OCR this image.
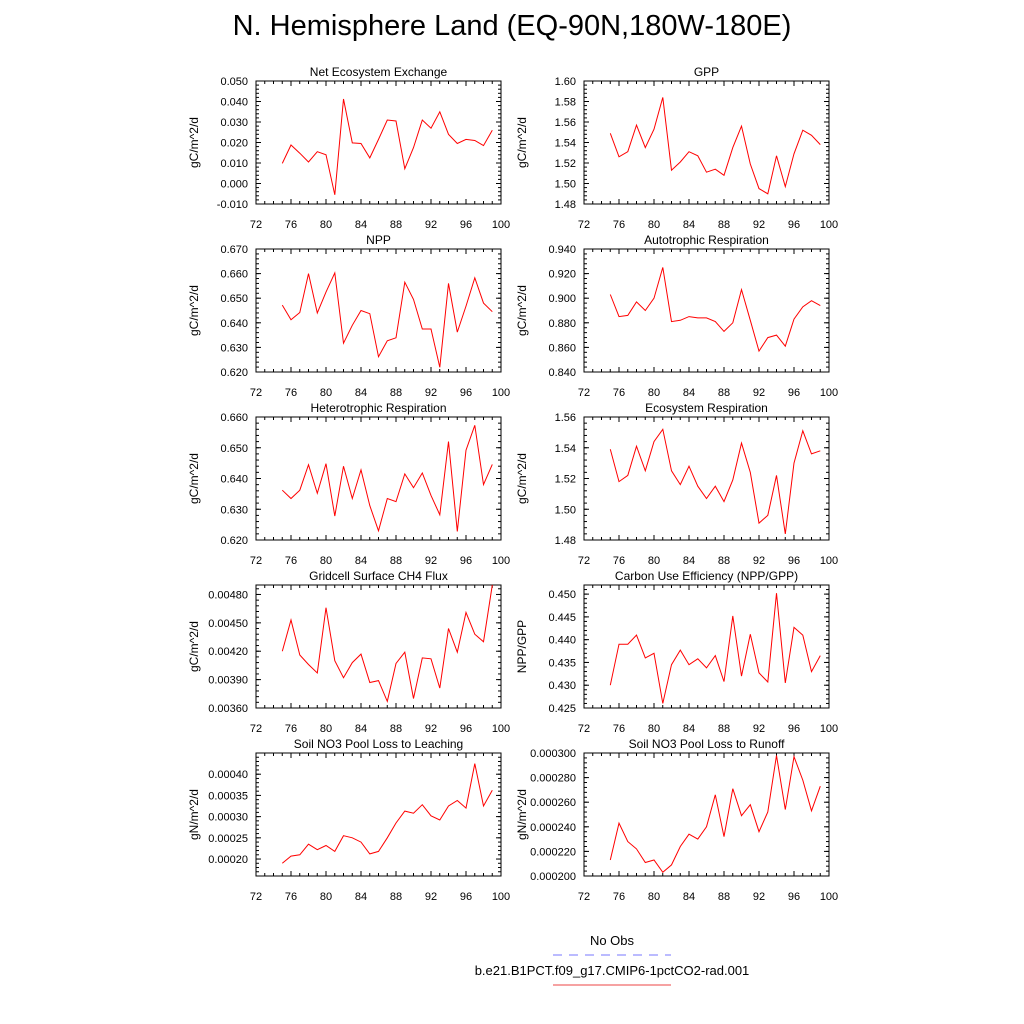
N. Hemisphere Land (EQ-90N,180W-180E)
Net Ecosystem Exchange
gC/m^2/d
72 76 80 84 88 92 96 100
-0.010
0.000
0.010
0.020
0.030
0.040
0.050
GPP
gC/m^2/d
72 76 80 84 88 92 96 100
1.48
1.50
1.52
1.54
1.56
1.58
1.60
NPP
gC/m^2/d
72 76 80 84 88 92 96 100
0.620
0.630
0.640
0.650
0.660
0.670
Autotrophic Respiration
gC/m^2/d
72 76 80 84 88 92 96 100
0.840
0.860
0.880
0.900
0.920
0.940
Heterotrophic Respiration
gC/m^2/d
72 76 80 84 88 92 96 100
0.620
0.630
0.640
0.650
0.660
Ecosystem Respiration
gC/m^2/d
72 76 80 84 88 92 96 100
1.48
1.50
1.52
1.54
1.56
Gridcell Surface CH4 Flux
gC/m^2/d
72 76 80 84 88 92 96 100
0.00360
0.00390
0.00420
0.00450
0.00480
Carbon Use Efficiency (NPP/GPP)
NPP/GPP
72 76 80 84 88 92 96 100
0.425
0.430
0.435
0.440
0.445
0.450
Soil NO3 Pool Loss to Leaching
gN/m^2/d
72 76 80 84 88 92 96 100
0.00020
0.00025
0.00030
0.00035
0.00040
Soil NO3 Pool Loss to Runoff
gN/m^2/d
72 76 80 84 88 92 96 100
0.000200
0.000220
0.000240
0.000260
0.000280
0.000300
No Obs
b.e21.B1PCT.f09_g17.CMIP6-1pctCO2-rad.001
